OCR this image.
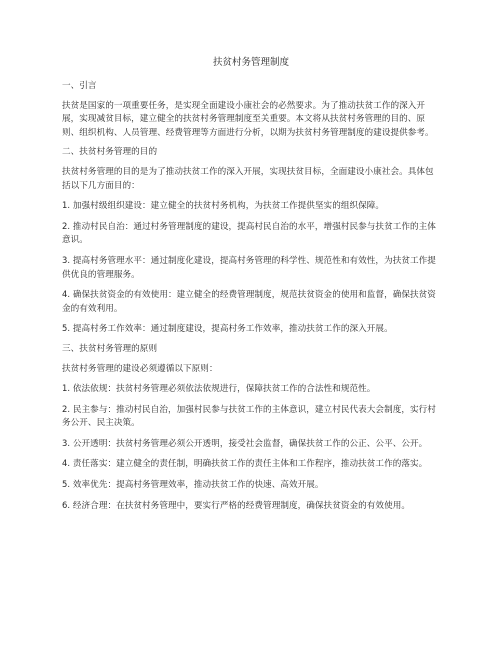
扶贫村务管理制度
一、引言
扶贫是国家的一项重要任务，是实现全面建设小康社会的必然要求。为了推动扶贫工作的深入开展，实现减贫目标，建立健全的扶贫村务管理制度至关重要。本文将从扶贫村务管理的目的、原则、组织机构、人员管理、经费管理等方面进行分析，以期为扶贫村务管理制度的建设提供参考。
二、扶贫村务管理的目的
扶贫村务管理的目的是为了推动扶贫工作的深入开展，实现扶贫目标，全面建设小康社会。具体包括以下几方面目的：
1. 加强村级组织建设：建立健全的扶贫村务机构，为扶贫工作提供坚实的组织保障。
2. 推动村民自治：通过村务管理制度的建设，提高村民自治的水平，增强村民参与扶贫工作的主体意识。
3. 提高村务管理水平：通过制度化建设，提高村务管理的科学性、规范性和有效性，为扶贫工作提供优良的管理服务。
4. 确保扶贫资金的有效使用：建立健全的经费管理制度，规范扶贫资金的使用和监督，确保扶贫资金的有效利用。
5. 提高村务工作效率：通过制度建设，提高村务工作效率，推动扶贫工作的深入开展。
三、扶贫村务管理的原则
扶贫村务管理的建设必须遵循以下原则：
1. 依法依规：扶贫村务管理必须依法依规进行，保障扶贫工作的合法性和规范性。
2. 民主参与：推动村民自治，加强村民参与扶贫工作的主体意识，建立村民代表大会制度，实行村务公开、民主决策。
3. 公开透明：扶贫村务管理必须公开透明，接受社会监督，确保扶贫工作的公正、公平、公开。
4. 责任落实：建立健全的责任制，明确扶贫工作的责任主体和工作程序，推动扶贫工作的落实。
5. 效率优先：提高村务管理效率，推动扶贫工作的快速、高效开展。
6. 经济合理：在扶贫村务管理中，要实行严格的经费管理制度，确保扶贫资金的有效使用。
